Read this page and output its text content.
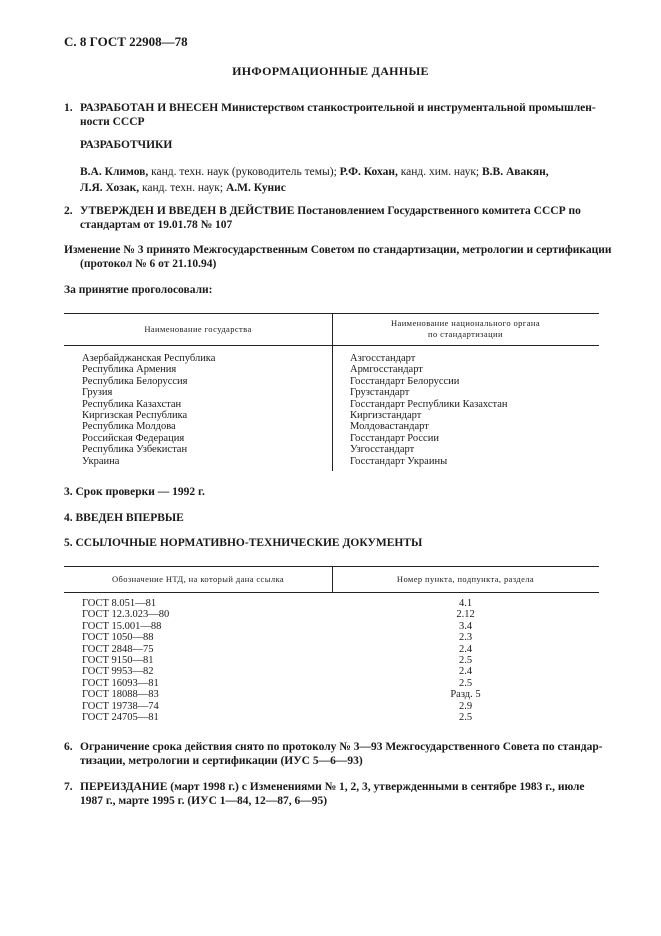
С. 8 ГОСТ 22908—78
ИНФОРМАЦИОННЫЕ ДАННЫЕ
1. РАЗРАБОТАН И ВНЕСЕН Министерством станкостроительной и инструментальной промышлен-
ности СССР
РАЗРАБОТЧИКИ
В.А. Климов, канд. техн. наук (руководитель темы); Р.Ф. Кохан, канд. хим. наук; В.В. Авакян,
Л.Я. Хозак, канд. техн. наук; А.М. Кунис
2. УТВЕРЖДЕН И ВВЕДЕН В ДЕЙСТВИЕ Постановлением Государственного комитета СССР по
стандартам от 19.01.78 № 107
Изменение № 3 принято Межгосударственным Советом по стандартизации, метрологии и сертификации
(протокол № 6 от 21.10.94)
За принятие проголосовали:
Наименование государства
Наименование национального органа
по стандартизации
Азербайджанская Республика	Азгосстандарт
Республика Армения	Армгосстандарт
Республика Белоруссия	Госстандарт Белоруссии
Грузия	Грузстандарт
Республика Казахстан	Госстандарт Республики Казахстан
Киргизская Республика	Киргизстандарт
Республика Молдова	Молдовастандарт
Российская Федерация	Госстандарт России
Республика Узбекистан	Узгосстандарт
Украина	Госстандарт Украины
3. Срок проверки — 1992 г.
4. ВВЕДЕН ВПЕРВЫЕ
5. ССЫЛОЧНЫЕ НОРМАТИВНО-ТЕХНИЧЕСКИЕ ДОКУМЕНТЫ
Обозначение НТД, на который дана ссылка	Номер пункта, подпункта, раздела
ГОСТ 8.051—81	4.1
ГОСТ 12.3.023—80	2.12
ГОСТ 15.001—88	3.4
ГОСТ 1050—88	2.3
ГОСТ 2848—75	2.4
ГОСТ 9150—81	2.5
ГОСТ 9953—82	2.4
ГОСТ 16093—81	2.5
ГОСТ 18088—83	Разд. 5
ГОСТ 19738—74	2.9
ГОСТ 24705—81	2.5
6. Ограничение срока действия снято по протоколу № 3—93 Межгосударственного Совета по стандар-
тизации, метрологии и сертификации (ИУС 5—6—93)
7. ПЕРЕИЗДАНИЕ (март 1998 г.) с Изменениями № 1, 2, 3, утвержденными в сентябре 1983 г., июле
1987 г., марте 1995 г. (ИУС 1—84, 12—87, 6—95)
